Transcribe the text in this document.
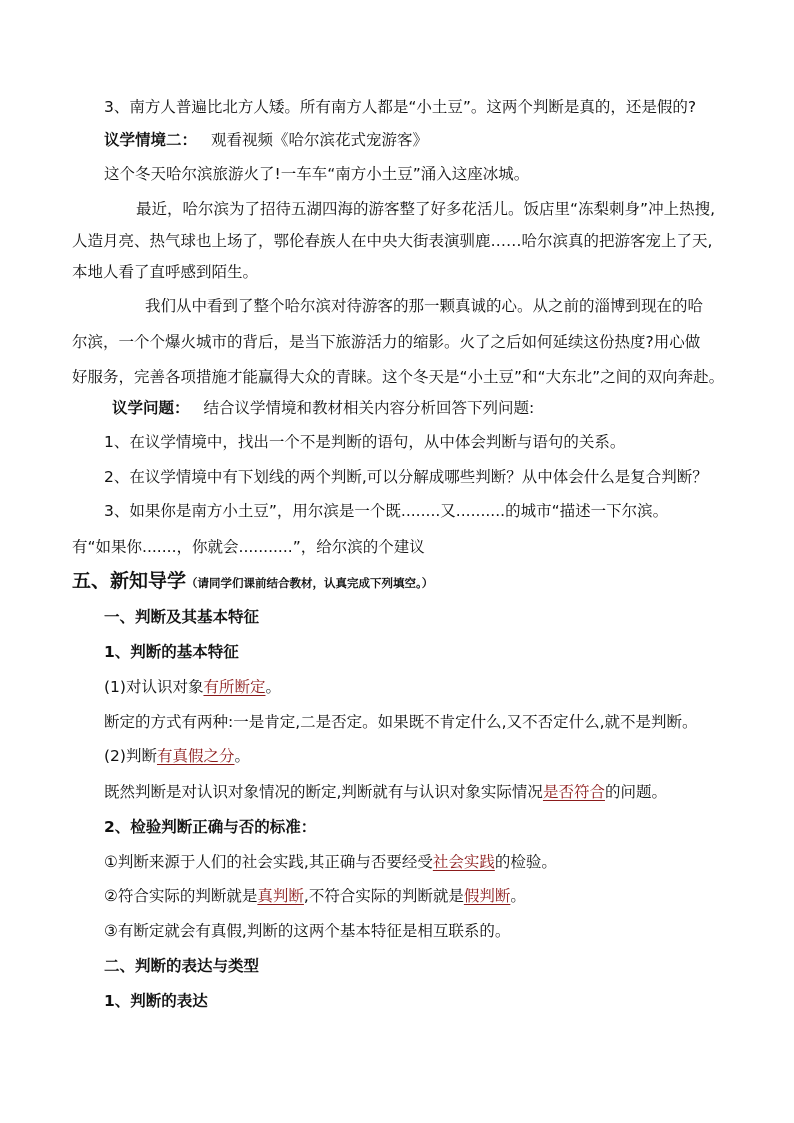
3、南方人普遍比北方人矮。所有南方人都是“小土豆”。这两个判断是真的，还是假的?
议学情境二： 观看视频《哈尔滨花式宠游客》
这个冬天哈尔滨旅游火了!一车车“南方小土豆”涌入这座冰城。
最近，哈尔滨为了招待五湖四海的游客整了好多花活儿。饭店里“冻梨刺身”冲上热搜,
人造月亮、热气球也上场了，鄂伦春族人在中央大街表演驯鹿……哈尔滨真的把游客宠上了天,
本地人看了直呼感到陌生。
我们从中看到了整个哈尔滨对待游客的那一颗真诚的心。从之前的淄博到现在的哈
尔滨，一个个爆火城市的背后，是当下旅游活力的缩影。火了之后如何延续这份热度?用心做
好服务，完善各项措施才能赢得大众的青睐。这个冬天是“小土豆”和“大东北”之间的双向奔赴。
议学问题： 结合议学情境和教材相关内容分析回答下列问题:
1、在议学情境中，找出一个不是判断的语句，从中体会判断与语句的关系。
2、在议学情境中有下划线的两个判断,可以分解成哪些判断？从中体会什么是复合判断？
3、如果你是南方小土豆”，用尔滨是一个既........又..........的城市“描述一下尔滨。
有“如果你.......，你就会...........”，给尔滨的个建议
五、新知导学（请同学们课前结合教材，认真完成下列填空。）
一、判断及其基本特征
1、判断的基本特征
(1)对认识对象有所断定。
断定的方式有两种:一是肯定,二是否定。如果既不肯定什么,又不否定什么,就不是判断。
(2)判断有真假之分。
既然判断是对认识对象情况的断定,判断就有与认识对象实际情况是否符合的问题。
2、检验判断正确与否的标准：
①判断来源于人们的社会实践,其正确与否要经受社会实践的检验。
②符合实际的判断就是真判断,不符合实际的判断就是假判断。
③有断定就会有真假,判断的这两个基本特征是相互联系的。
二、判断的表达与类型
1、判断的表达
